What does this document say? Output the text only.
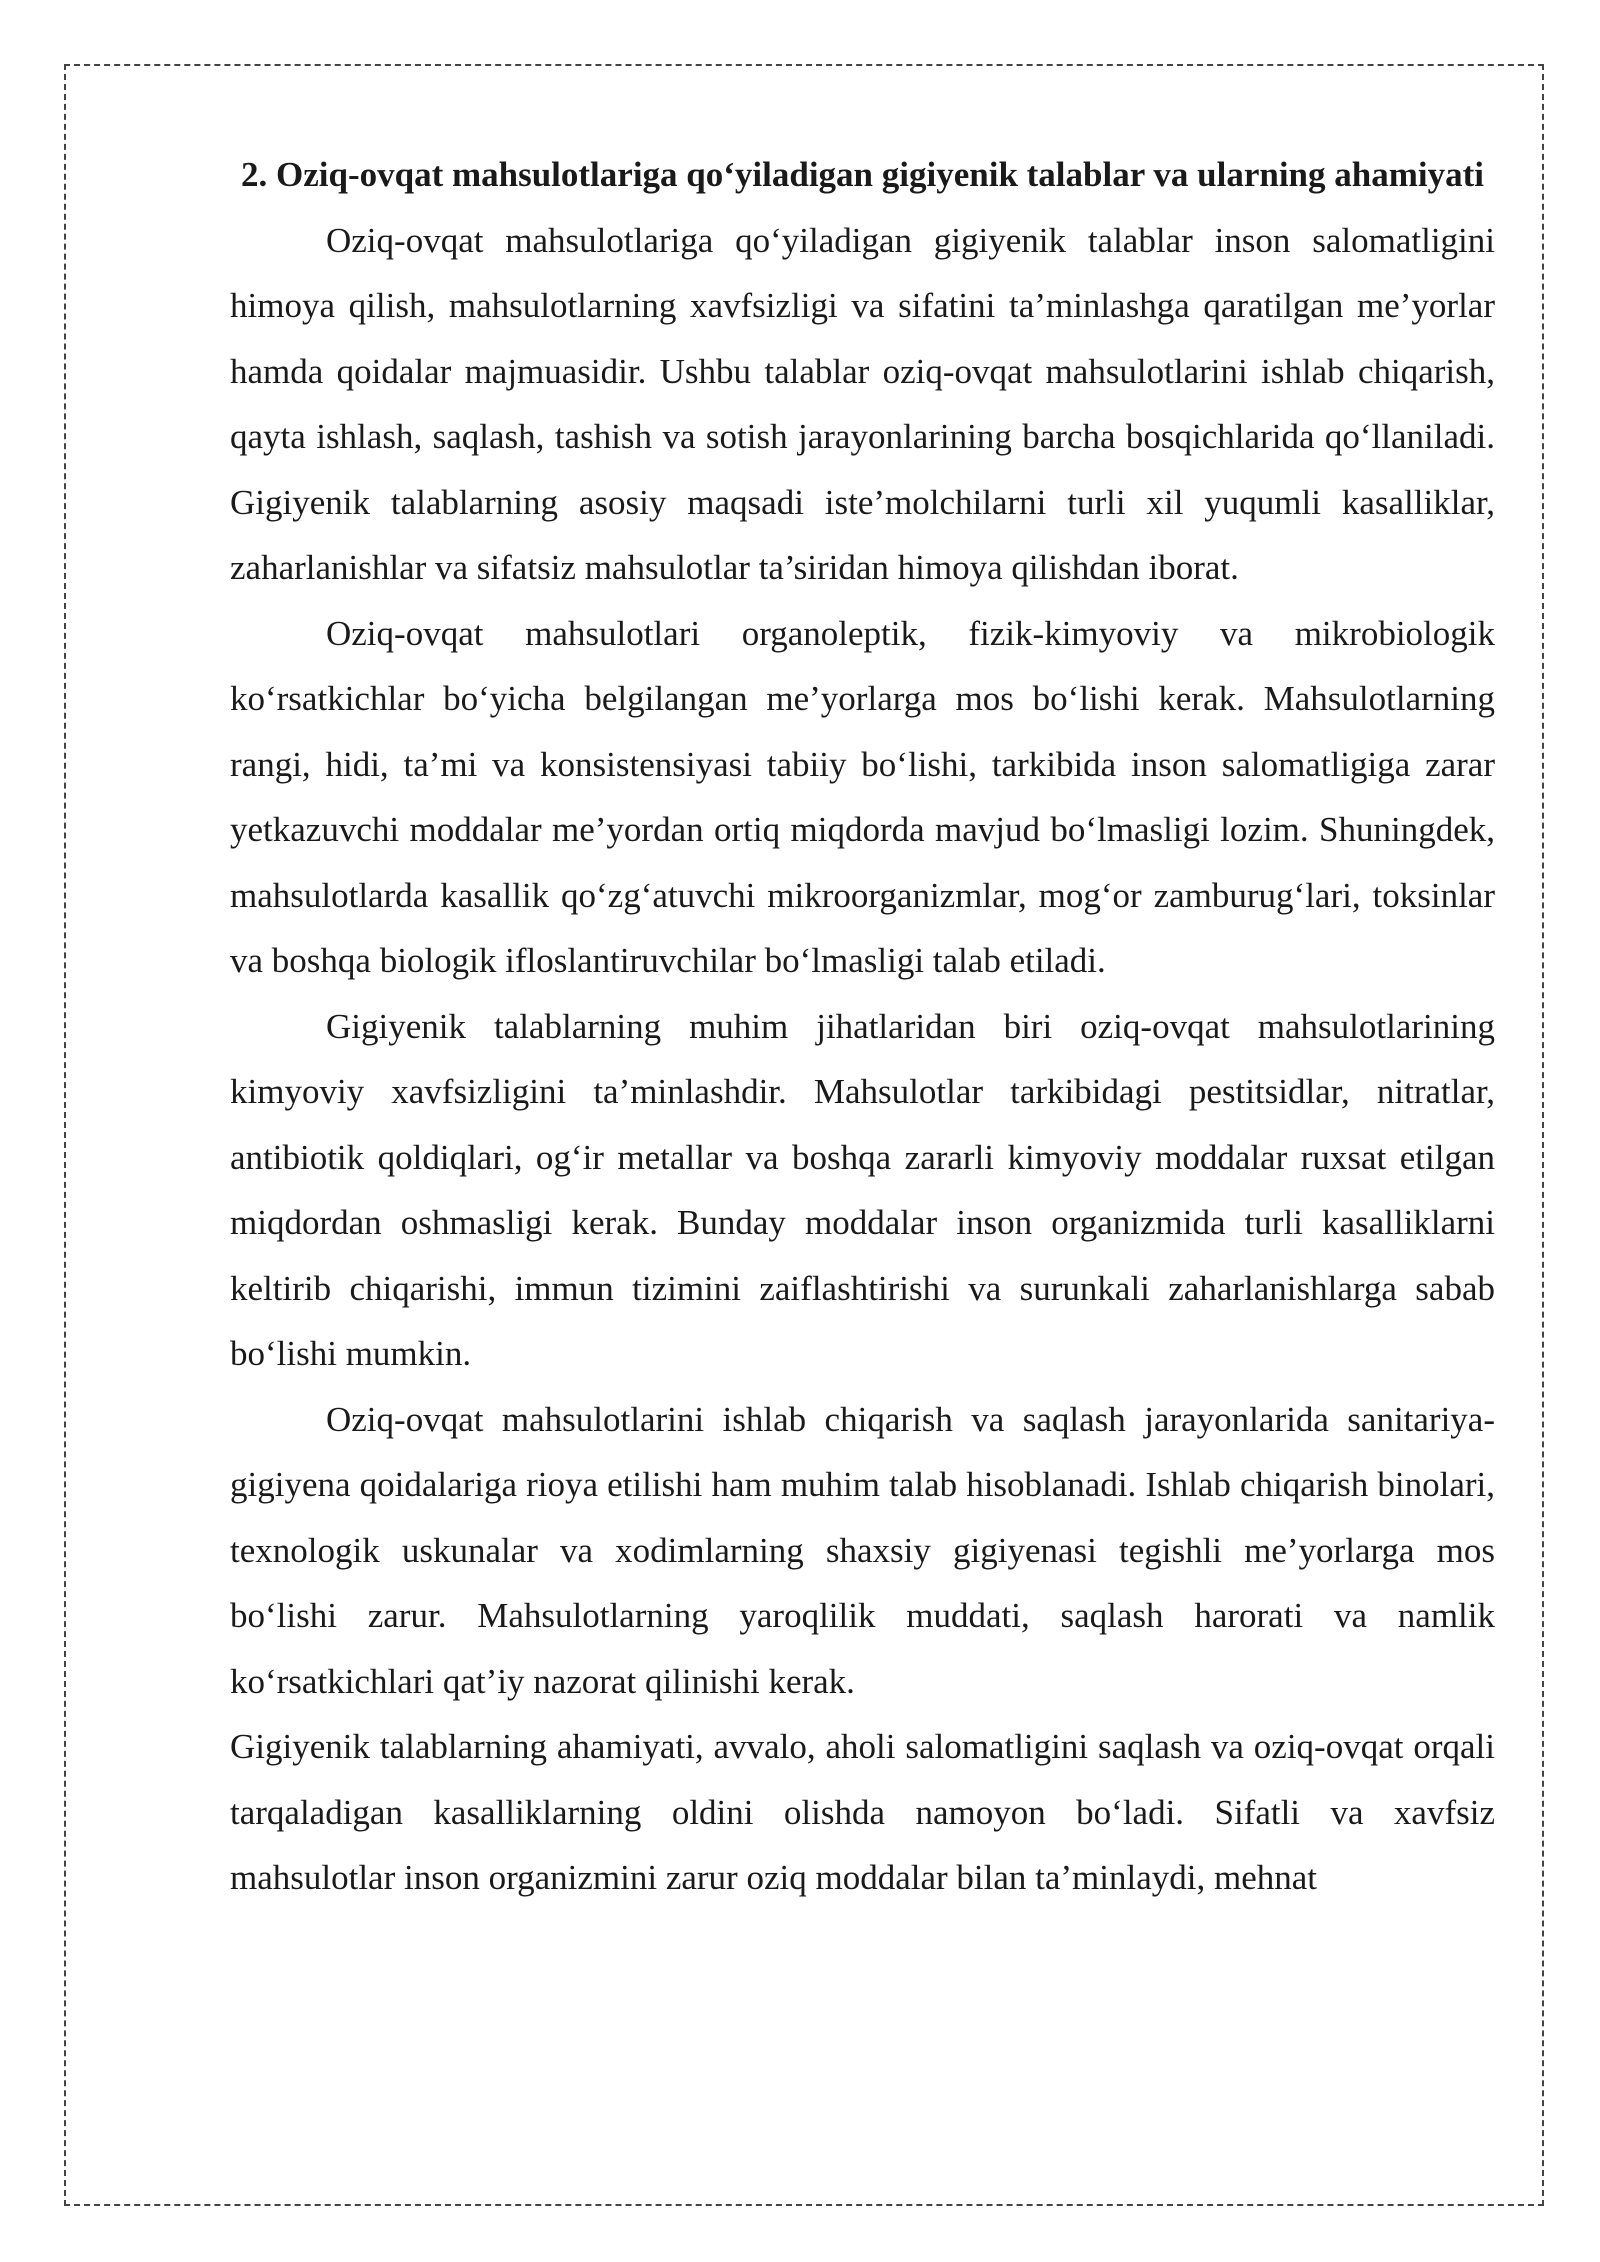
2. Oziq-ovqat mahsulotlariga qo‘yiladigan gigiyenik talablar va ularning ahamiyati

Oziq-ovqat mahsulotlariga qo‘yiladigan gigiyenik talablar inson salomatligini himoya qilish, mahsulotlarning xavfsizligi va sifatini ta’minlashga qaratilgan me’yorlar hamda qoidalar majmuasidir. Ushbu talablar oziq-ovqat mahsulotlarini ishlab chiqarish, qayta ishlash, saqlash, tashish va sotish jarayonlarining barcha bosqichlarida qo‘llaniladi. Gigiyenik talablarning asosiy maqsadi iste’molchilarni turli xil yuqumli kasalliklar, zaharlanishlar va sifatsiz mahsulotlar ta’siridan himoya qilishdan iborat.

Oziq-ovqat mahsulotlari organoleptik, fizik-kimyoviy va mikrobiologik ko‘rsatkichlar bo‘yicha belgilangan me’yorlarga mos bo‘lishi kerak. Mahsulotlarning rangi, hidi, ta’mi va konsistensiyasi tabiiy bo‘lishi, tarkibida inson salomatligiga zarar yetkazuvchi moddalar me’yordan ortiq miqdorda mavjud bo‘lmasligi lozim. Shuningdek, mahsulotlarda kasallik qo‘zg‘atuvchi mikroorganizmlar, mog‘or zamburug‘lari, toksinlar va boshqa biologik ifloslantiruvchilar bo‘lmasligi talab etiladi.

Gigiyenik talablarning muhim jihatlaridan biri oziq-ovqat mahsulotlarining kimyoviy xavfsizligini ta’minlashdir. Mahsulotlar tarkibidagi pestitsidlar, nitratlar, antibiotik qoldiqlari, og‘ir metallar va boshqa zararli kimyoviy moddalar ruxsat etilgan miqdordan oshmasligi kerak. Bunday moddalar inson organizmida turli kasalliklarni keltirib chiqarishi, immun tizimini zaiflashtirishi va surunkali zaharlanishlarga sabab bo‘lishi mumkin.

Oziq-ovqat mahsulotlarini ishlab chiqarish va saqlash jarayonlarida sanitariya-gigiyena qoidalariga rioya etilishi ham muhim talab hisoblanadi. Ishlab chiqarish binolari, texnologik uskunalar va xodimlarning shaxsiy gigiyenasi tegishli me’yorlarga mos bo‘lishi zarur. Mahsulotlarning yaroqlilik muddati, saqlash harorati va namlik ko‘rsatkichlari qat’iy nazorat qilinishi kerak.

Gigiyenik talablarning ahamiyati, avvalo, aholi salomatligini saqlash va oziq-ovqat orqali tarqaladigan kasalliklarning oldini olishda namoyon bo‘ladi. Sifatli va xavfsiz mahsulotlar inson organizmini zarur oziq moddalar bilan ta’minlaydi, mehnat
